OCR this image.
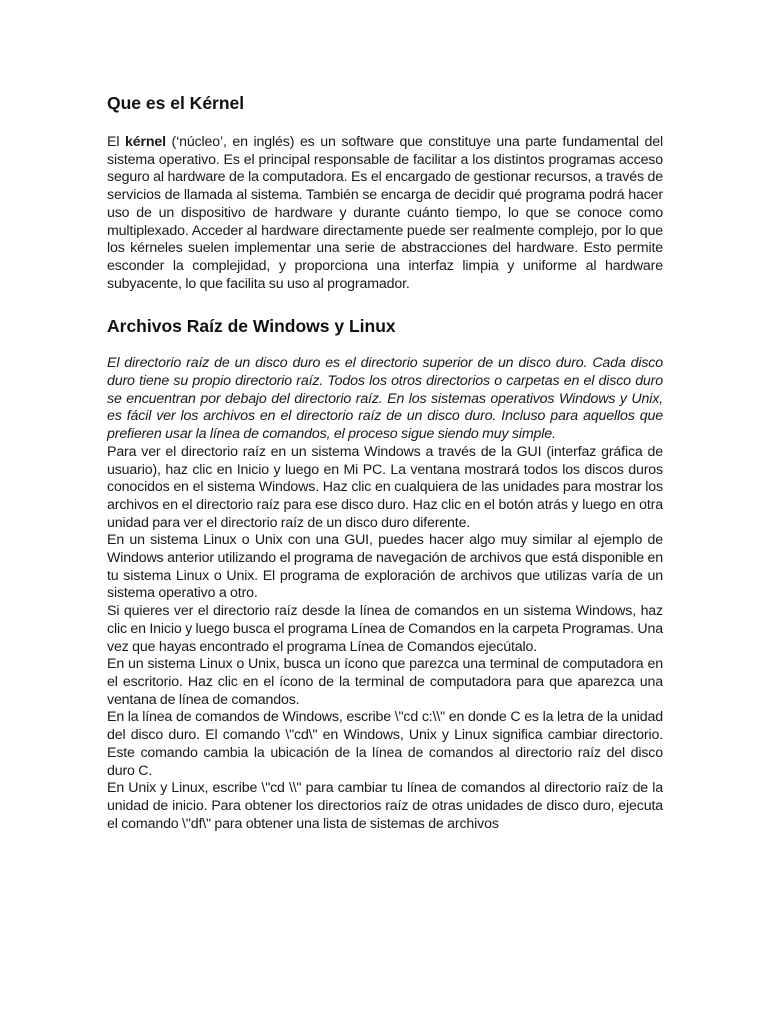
Que es el Kérnel

El kérnel (‘núcleo’, en inglés) es un software que constituye una parte fundamental del sistema operativo. Es el principal responsable de facilitar a los distintos programas acceso seguro al hardware de la computadora. Es el encargado de gestionar recursos, a través de servicios de llamada al sistema. También se encarga de decidir qué programa podrá hacer uso de un dispositivo de hardware y durante cuánto tiempo, lo que se conoce como multiplexado. Acceder al hardware directamente puede ser realmente complejo, por lo que los kérneles suelen implementar una serie de abstracciones del hardware. Esto permite esconder la complejidad, y proporciona una interfaz limpia y uniforme al hardware subyacente, lo que facilita su uso al programador.

Archivos Raíz de Windows y Linux

El directorio raíz de un disco duro es el directorio superior de un disco duro. Cada disco duro tiene su propio directorio raíz. Todos los otros directorios o carpetas en el disco duro se encuentran por debajo del directorio raíz. En los sistemas operativos Windows y Unix, es fácil ver los archivos en el directorio raíz de un disco duro. Incluso para aquellos que prefieren usar la línea de comandos, el proceso sigue siendo muy simple.

Para ver el directorio raíz en un sistema Windows a través de la GUI (interfaz gráfica de usuario), haz clic en Inicio y luego en Mi PC. La ventana mostrará todos los discos duros conocidos en el sistema Windows. Haz clic en cualquiera de las unidades para mostrar los archivos en el directorio raíz para ese disco duro. Haz clic en el botón atrás y luego en otra unidad para ver el directorio raíz de un disco duro diferente.

En un sistema Linux o Unix con una GUI, puedes hacer algo muy similar al ejemplo de Windows anterior utilizando el programa de navegación de archivos que está disponible en tu sistema Linux o Unix. El programa de exploración de archivos que utilizas varía de un sistema operativo a otro.

Si quieres ver el directorio raíz desde la línea de comandos en un sistema Windows, haz clic en Inicio y luego busca el programa Línea de Comandos en la carpeta Programas. Una vez que hayas encontrado el programa Línea de Comandos ejecútalo.

En un sistema Linux o Unix, busca un ícono que parezca una terminal de computadora en el escritorio. Haz clic en el ícono de la terminal de computadora para que aparezca una ventana de línea de comandos.

En la línea de comandos de Windows, escribe \"cd c:\\" en donde C es la letra de la unidad del disco duro. El comando \"cd\" en Windows, Unix y Linux significa cambiar directorio. Este comando cambia la ubicación de la línea de comandos al directorio raíz del disco duro C.

En Unix y Linux, escribe \"cd \\" para cambiar tu línea de comandos al directorio raíz de la unidad de inicio. Para obtener los directorios raíz de otras unidades de disco duro, ejecuta el comando \"df\" para obtener una lista de sistemas de archivos
